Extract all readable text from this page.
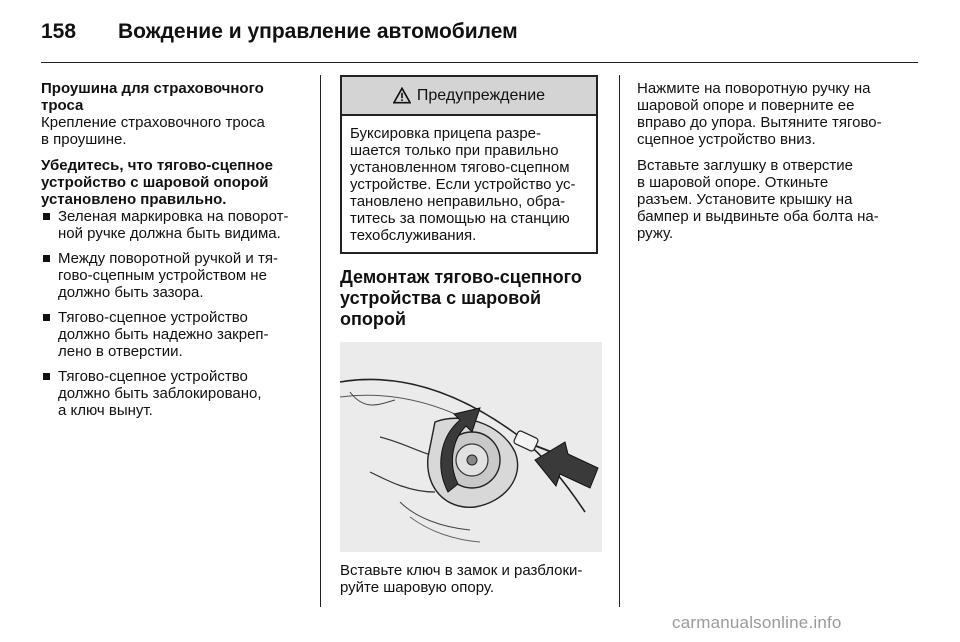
158 Вождение и управление автомобилем
Проушина для страховочного
троса
Крепление страховочного троса
в проушине.
Убедитесь, что тягово-сцепное
устройство с шаровой опорой
установлено правильно.
Зеленая маркировка на поворот-
ной ручке должна быть видима.
Между поворотной ручкой и тя-
гово-сцепным устройством не
должно быть зазора.
Тягово-сцепное устройство
должно быть надежно закреп-
лено в отверстии.
Тягово-сцепное устройство
должно быть заблокировано,
а ключ вынут.
Предупреждение
Буксировка прицепа разре-
шается только при правильно
установленном тягово-сцепном
устройстве. Если устройство ус-
тановлено неправильно, обра-
титесь за помощью на станцию
техобслуживания.
Демонтаж тягово-сцепного
устройства с шаровой опорой
Вставьте ключ в замок и разблоки-
руйте шаровую опору.
Нажмите на поворотную ручку на
шаровой опоре и поверните ее
вправо до упора. Вытяните тягово-
сцепное устройство вниз.
Вставьте заглушку в отверстие
в шаровой опоре. Откиньте
разъем. Установите крышку на
бампер и выдвиньте оба болта на-
ружу.
carmanualsonline.info
